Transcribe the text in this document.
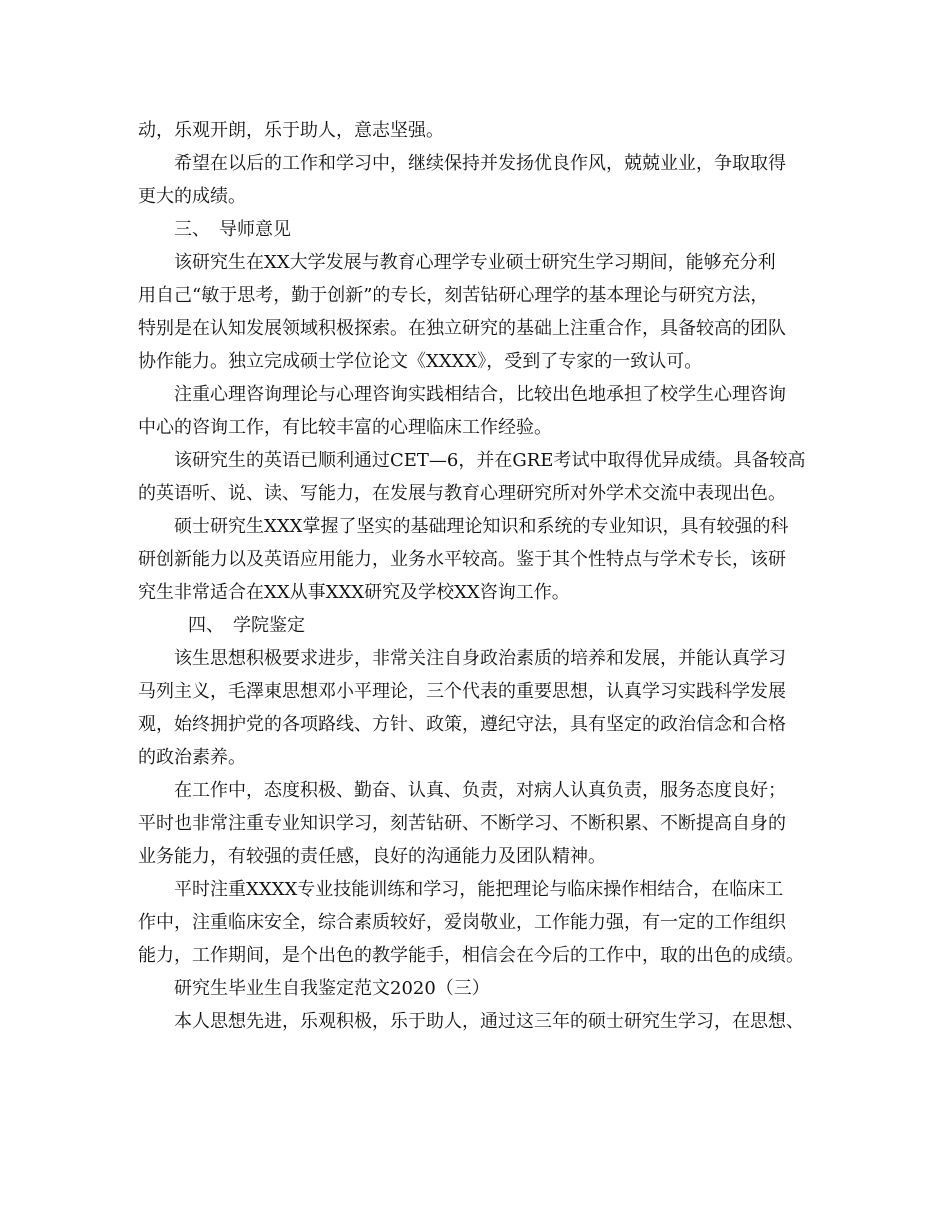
动，乐观开朗，乐于助人，意志坚强。
希望在以后的工作和学习中，继续保持并发扬优良作风，兢兢业业，争取取得
更大的成绩。
三、　导师意见
该研究生在XX大学发展与教育心理学专业硕士研究生学习期间，能够充分利
用自己“敏于思考，勤于创新”的专长，刻苦钻研心理学的基本理论与研究方法，
特别是在认知发展领域积极探索。在独立研究的基础上注重合作，具备较高的团队
协作能力。独立完成硕士学位论文《XXXX》，受到了专家的一致认可。
注重心理咨询理论与心理咨询实践相结合，比较出色地承担了校学生心理咨询
中心的咨询工作，有比较丰富的心理临床工作经验。
该研究生的英语已顺利通过CET—6，并在GRE考试中取得优异成绩。具备较高
的英语听、说、读、写能力，在发展与教育心理研究所对外学术交流中表现出色。
硕士研究生XXX掌握了坚实的基础理论知识和系统的专业知识，具有较强的科
研创新能力以及英语应用能力，业务水平较高。鉴于其个性特点与学术专长，该研
究生非常适合在XX从事XXX研究及学校XX咨询工作。
四、　学院鉴定
该生思想积极要求进步，非常关注自身政治素质的培养和发展，并能认真学习
马列主义，毛澤東思想邓小平理论，三个代表的重要思想，认真学习实践科学发展
观，始终拥护党的各项路线、方针、政策，遵纪守法，具有坚定的政治信念和合格
的政治素养。
在工作中，态度积极、勤奋、认真、负责，对病人认真负责，服务态度良好；
平时也非常注重专业知识学习，刻苦钻研、不断学习、不断积累、不断提高自身的
业务能力，有较强的责任感，良好的沟通能力及团队精神。
平时注重XXXX专业技能训练和学习，能把理论与临床操作相结合，在临床工
作中，注重临床安全，综合素质较好，爱岗敬业，工作能力强，有一定的工作组织
能力，工作期间，是个出色的教学能手，相信会在今后的工作中，取的出色的成绩。
研究生毕业生自我鉴定范文2020（三）
本人思想先进，乐观积极，乐于助人，通过这三年的硕士研究生学习，在思想、
